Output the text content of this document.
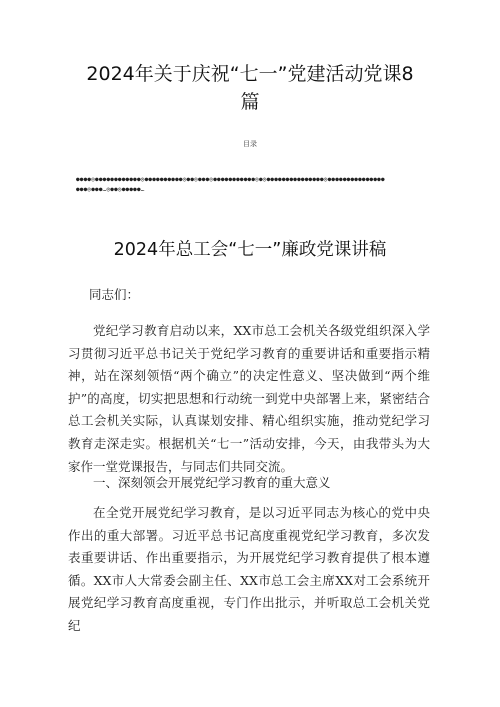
2024年关于庆祝“七一”党建活动党课8篇
目录
●●●●◎●●●●●●●●●●●●◎●●●●●●●●●●◎●●◎●●●◎●●●●●●●●●●●◎●◎●●●●●●●●●●●●●●●◎●●●●●●●●●●●●●●●
●●●◎●●●…◎●●◎●●●●●…
2024年总工会“七一”廉政党课讲稿

同志们：

党纪学习教育启动以来，XX市总工会机关各级党组织深入学习贯彻习近平总书记关于党纪学习教育的重要讲话和重要指示精神，站在深刻领悟“两个确立”的决定性意义、坚决做到“两个维护”的高度，切实把思想和行动统一到党中央部署上来，紧密结合总工会机关实际，认真谋划安排、精心组织实施，推动党纪学习教育走深走实。根据机关“七一”活动安排，今天，由我带头为大家作一堂党课报告，与同志们共同交流。

一、深刻领会开展党纪学习教育的重大意义

在全党开展党纪学习教育，是以习近平同志为核心的党中央作出的重大部署。习近平总书记高度重视党纪学习教育，多次发表重要讲话、作出重要指示，为开展党纪学习教育提供了根本遵循。XX市人大常委会副主任、XX市总工会主席XX对工会系统开展党纪学习教育高度重视，专门作出批示，并听取总工会机关党纪
